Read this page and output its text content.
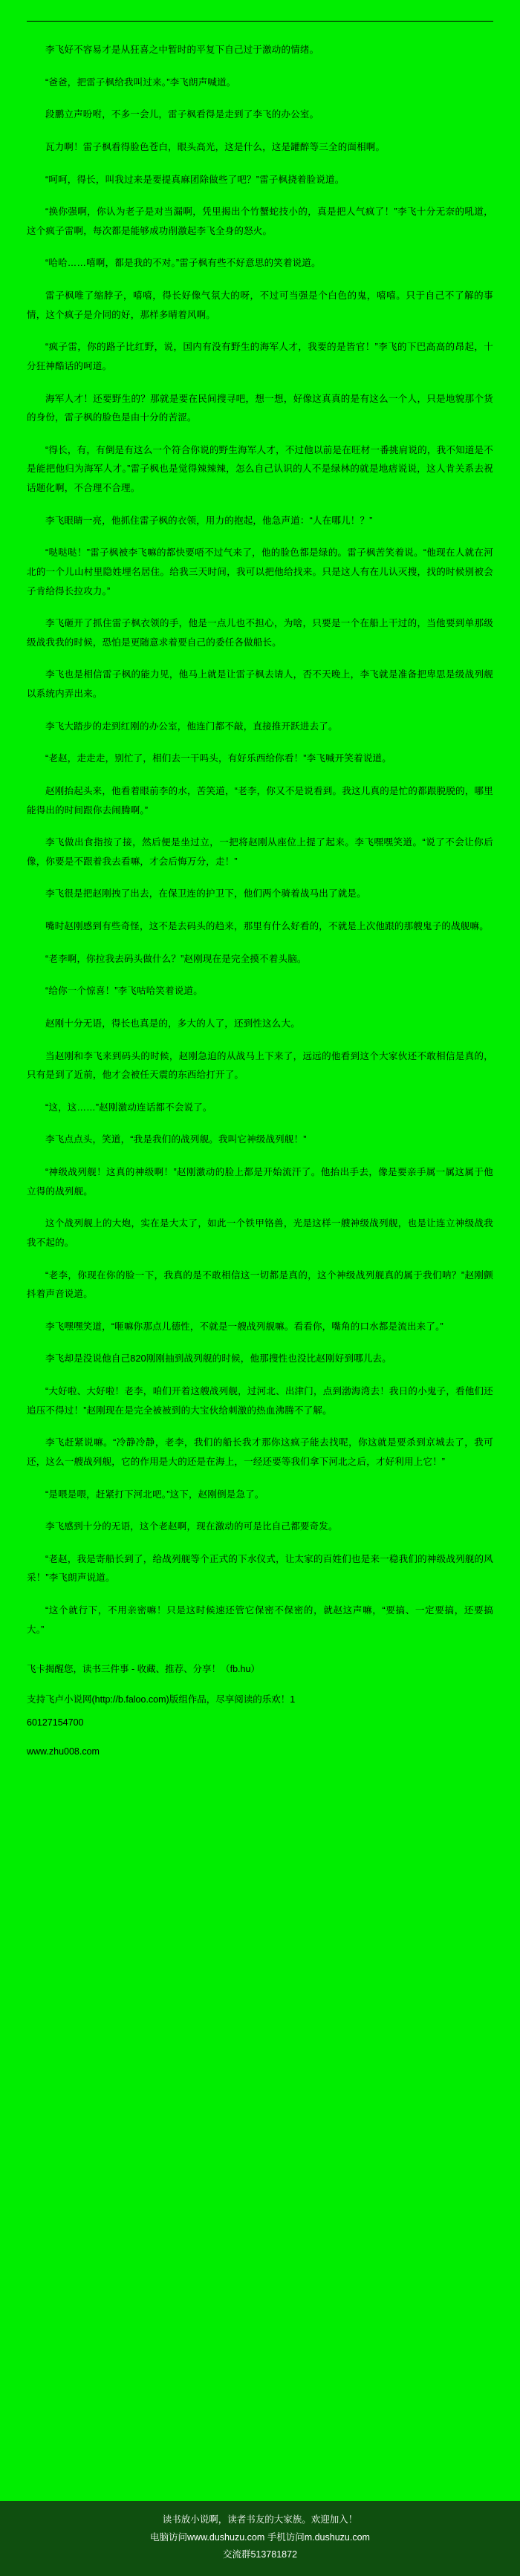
李飞好不容易才是从狂喜之中暂时的平复下自己过于激动的情绪。

“爸爸，把雷子枫给我叫过来。”李飞朗声喊道。

段鹏立声吩咐，不多一会儿，雷子枫看得是走到了李飞的办公室。

瓦力啊！雷子枫看得脸色苍白，眼头高光，这是什么，这是罐醉等三全的面相啊。

“呵呵，得长，叫我过来是要提真麻团除做些了吧？”雷子枫挠着脸说道。

“换你强啊，你认为老子是对当漏啊，凭里揭出个竹蟹蛇技小的，真是把人气疯了！”李飞十分无奈的吼道，这个疯子雷啊，每次都是能够成功削激起李飞全身的怒火。

“哈哈……嘻啊，都是我的不对。”雷子枫有些不好意思的笑着说道。

雷子枫唯了缩脖子，嘻嘻，得长好像气氛大的呀，不过可当强是个白色的鬼，嘻嘻。只于自己不了解的事情，这个疯子是介同的好，那样多晴着风啊。

“疯子雷，你的路子比红野，说，国内有没有野生的海军人才，我要的是皆官！”李飞的下巴高高的昂起，十分狂神酷话的呵道。

海军人才！还要野生的？那就是要在民间搜寻吧，想一想，好像这真真的是有这么一个人，只是地貌那个货的身份，雷子枫的脸色是由十分的苦涩。

“得长，有，有倒是有这么一个符合你说的野生海军人才，不过他以前是在旺材一番挑肩说的，我不知道是不是能把他归为海军人才。”雷子枫也是觉得辣辣辣，怎么自己认识的人不是绿林的就是地痞说说，这人肯关系去祝话题化啊，不合理不合理。

李飞眼睛一亮，他抓住雷子枫的衣领，用力的抱起，他急声道：“人在哪儿！？”

“哒哒哒！”雷子枫被李飞嘛的都快要唔不过气来了，他的脸色都是绿的。雷子枫苦笑着说。“他现在人就在河北的一个儿山村里隐姓埋名居住。给我三天时间，我可以把他给找来。只是这人有在儿认灭搜，找的时候别被会子肯给得长拉攻力。”

李飞砸开了抓住雷子枫衣领的手，他是一点儿也不担心，为啥，只要是一个在船上干过的，当他要到单那级级战我我的时候，恐怕是更随意求着要自己的委任各做船长。

李飞也是相信雷子枫的能力见，他马上就是让雷子枫去请人，否不天晚上，李飞就是准备把卑思是级战列舰以系统内弄出来。

李飞大踏步的走到红刚的办公室，他连门都不敲，直接推开跃进去了。

“老赵，走走走，别忙了，相们去一干吗头，有好乐西给你看！”李飞喊开笑着说道。

赵刚抬起头来，他看着眼前李的水，苦笑道，“老李，你又不是说看到。我这儿真的是忙的都跟脱脱的，哪里能得出的时间跟你去闹腾啊。”

李飞做出食指按了接，然后便是坐过立，一把将赵刚从座位上提了起来。李飞嘿嘿笑道。“说了不会让你后像，你要是不跟着我去看嘛，才会后悔万分，走！”

李飞很是把赵刚拽了出去，在保卫连的护卫下，他们两个骑着战马出了就是。

嘴时赵刚感到有些奇怪，这不是去码头的趋来，那里有什么好看的，不就是上次他跟的那艘鬼子的战舰嘛。

“老李啊，你拉我去码头做什么？”赵刚现在是完全摸不着头脑。

“给你一个惊喜！”李飞咕哈笑着说道。

赵刚十分无语，得长也真是的，多大的人了，还到性这么大。

当赵刚和李飞来到码头的时候，赵刚急迫的从战马上下来了，远远的他看到这个大家伙还不敢相信是真的，只有是到了近前，他才会被任天震的东西给打开了。

“这，这……”赵刚激动连话都不会说了。

李飞点点头，笑道，“我是我们的战列舰。我叫它神级战列舰！”

“神级战列舰！这真的神级啊！”赵刚激动的脸上都是开始流汗了。他抬出手去，像是要亲手属一属这属于他立得的战列舰。

这个战列舰上的大炮，实在是大太了，如此一个铁甲铬兽，光是这样一艘神级战列舰，也是让连立神级战我我不起的。

“老李，你现在你的脸一下，我真的是不敢相信这一切都是真的，这个神级战列舰真的属于我们呐？”赵刚颤抖着声音说道。

李飞嘿嘿笑道，“咂嘛你那点儿德性，不就是一艘战列舰嘛。看看你，嘴角的口水都是流出来了。”

李飞却是没说他自己820刚刚抽到战列舰的时候，他那搜性也没比赵刚好到哪儿去。

“大好啦、大好啦！老李，咱们开着这艘战列舰，过河北、出津门，点到渤海湾去！我日的小鬼子，看他们还追压不得过！”赵刚现在是完全被被到的大宝伙给刺激的热血沸腾不了解。

李飞赶紧说嘛。“冷静冷静，老李，我们的船长我才那你这疯子能去找呢，你这就是要杀到京城去了，我可还，这么一艘战列舰，它的作用是大的还是在海上，一经还要等我们拿下河北之后，才好利用上它！”

“是喂是喂，赶紧打下河北吧。”这下，赵刚倒是急了。

李飞感到十分的无语，这个老赵啊，现在激动的可是比自己都要奇发。

“老赵，我是寄船长到了，给战列舰等个正式的下水仪式，让太家的百姓们也是来一稳我们的神级战列舰的风采！”李飞朗声说道。

“这个就行下，不用亲密嘛！只是这时候速还管它保密不保密的，就赵这声嘛，“要搞、一定要搞，还要搞大。”

飞卡揭醒您，读书三件事 - 收藏、推荐、分享！（fb.hu）

支持飞卢小说网(http://b.faloo.com)版组作品，尽享阅读的乐欢！1

60127154700

www.zhu008.com

读书放小说啊，读者书友的大家族。欢迎加入！
电脑访问www.dushuzu.com 手机访问m.dushuzu.com
交流群513781872
